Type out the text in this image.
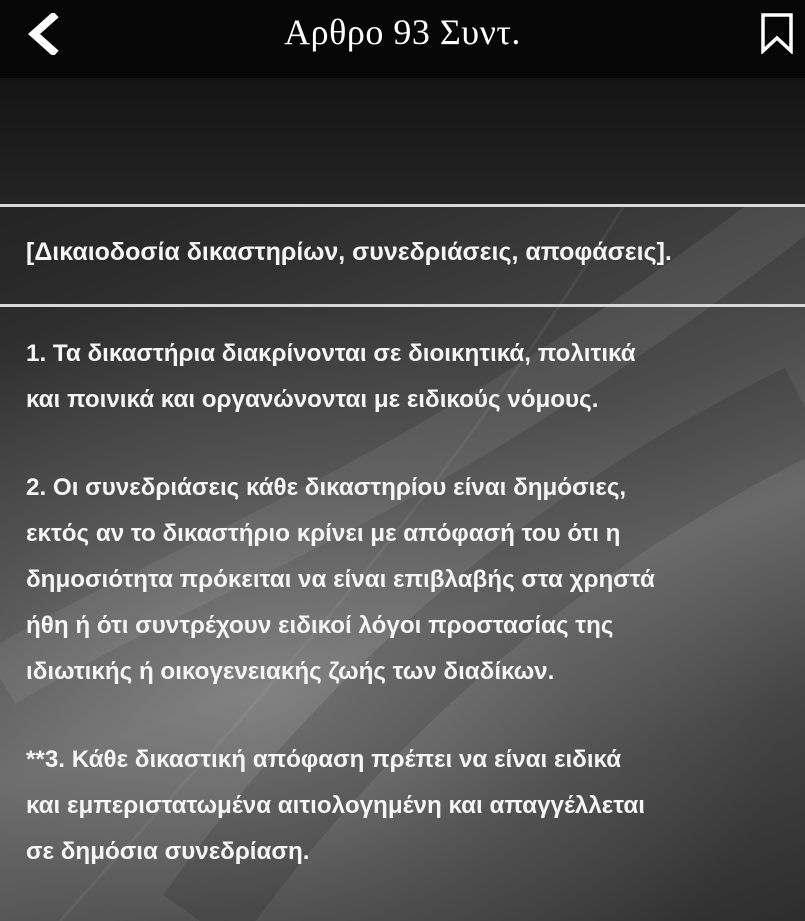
Αρθρο 93 Συντ.
[Δικαιοδοσία δικαστηρίων, συνεδριάσεις, αποφάσεις].

1. Τα δικαστήρια διακρίνονται σε διοικητικά, πολιτικά
και ποινικά και οργανώνονται με ειδικούς νόμους.

2. Οι συνεδριάσεις κάθε δικαστηρίου είναι δημόσιες,
εκτός αν το δικαστήριο κρίνει με απόφασή του ότι η
δημοσιότητα πρόκειται να είναι επιβλαβής στα χρηστά
ήθη ή ότι συντρέχουν ειδικοί λόγοι προστασίας της
ιδιωτικής ή οικογενειακής ζωής των διαδίκων.

**3. Κάθε δικαστική απόφαση πρέπει να είναι ειδικά
και εμπεριστατωμένα αιτιολογημένη και απαγγέλλεται
σε δημόσια συνεδρίαση.
